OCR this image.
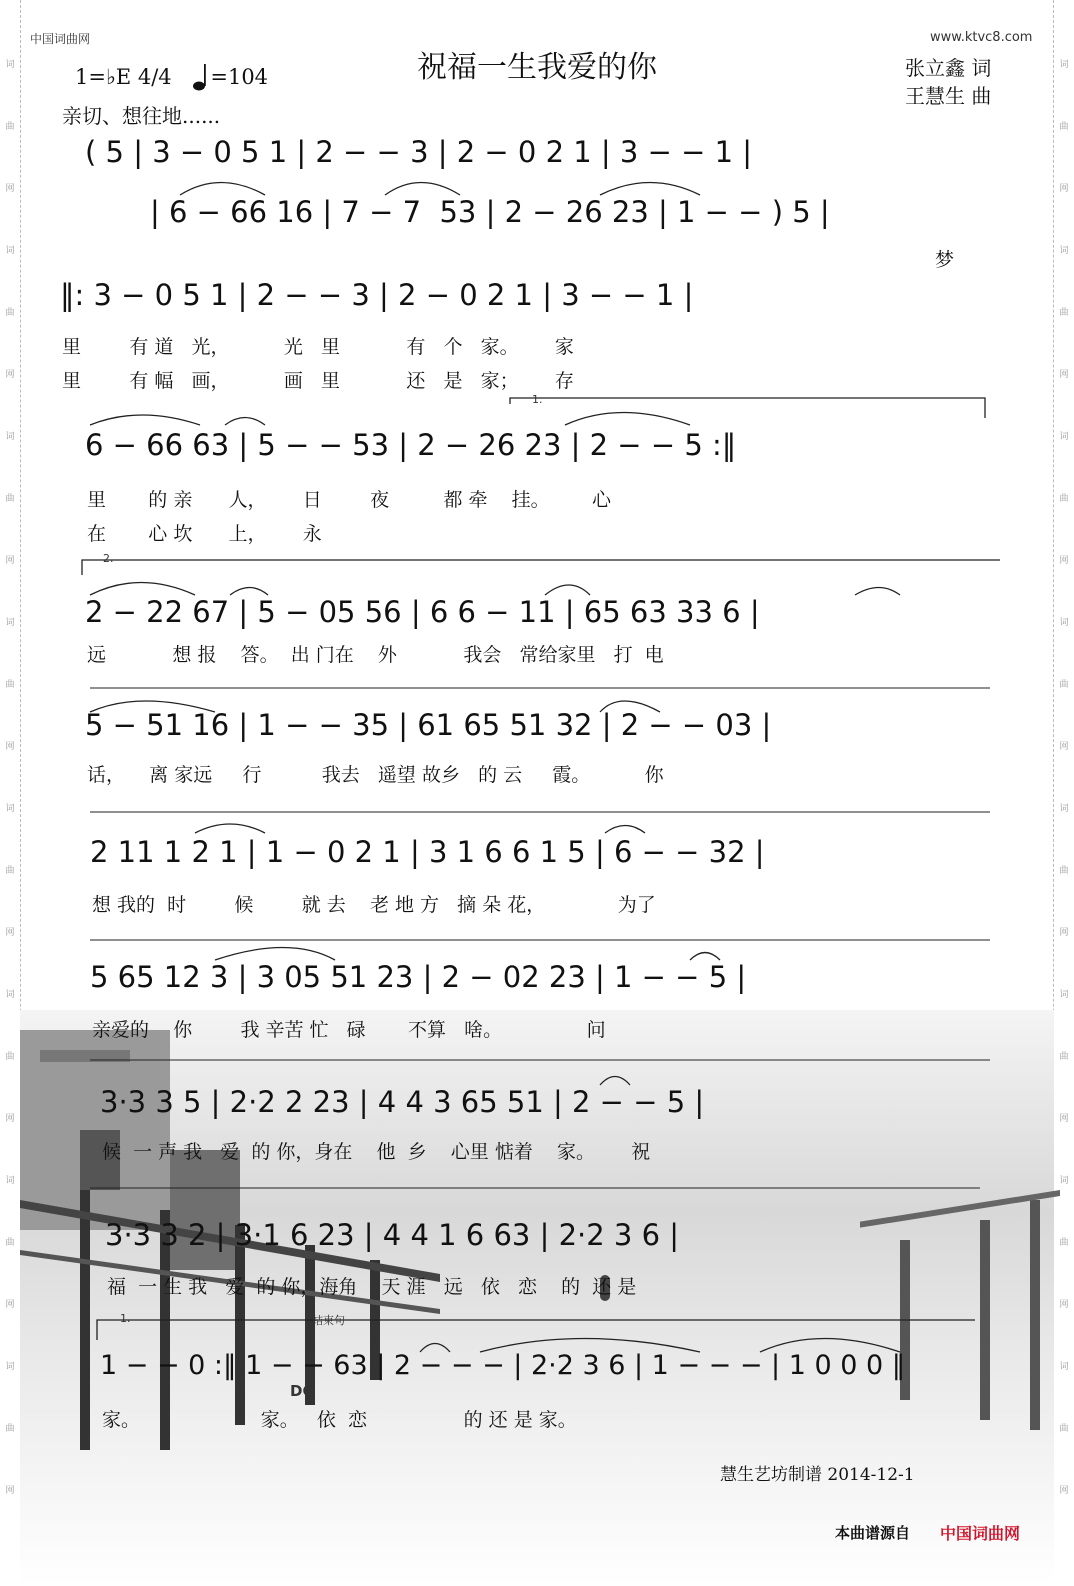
词
曲
网
词
曲
网
词
曲
网
词
曲
网
词
曲
网
词
曲
网
词
曲
网
词
曲
网
词
曲
网
词
曲
网
词
曲
网
词
曲
网
词
曲
网
词
曲
网
词
曲
网
词
曲
网
中国词曲网	www.ktvc8.com
祝福一生我爱的你
1=♭E 4/4 =104
亲切、想往地......
张立鑫 词
王慧生 曲
( 5 | 3 − 0 5 1 | 2 − − 3 | 2 − 0 2 1 | 3 − − 1 |
| 6 − 66 16 | 7 − 7  53 | 2 − 26 23 | 1 − − ) 5 |
梦
‖: 3 − 0 5 1 | 2 − − 3 | 2 − 0 2 1 | 3 − − 1 |
里        有 道   光，         光   里           有   个   家。      家
里        有 幅   画，         画   里           还   是   家；      存
6 − 66 63 | 5 − − 53 | 2 − 26 23 | 2 − − 5 :‖
里       的 亲      人，      日        夜         都 牵    挂。       心
在       心 坎      上，      永
2 − 22 67 | 5 − 05 56 | 6 6 − 11 | 65 63 33 6 |
远           想 报    答。  出 门在    外           我会   常给家里   打  电
5 − 51 16 | 1 − − 35 | 61 65 51 32 | 2 − − 03 |
话，    离 家远     行          我去   遥望 故乡   的 云     霞。         你
2 11 1 2 1 | 1 − 0 2 1 | 3 1 6 6 1 5 | 6 − − 32 |
想 我的  时        候        就 去    老 地 方   摘 朵 花，            为了
5 65 12 3 | 3 05 51 23 | 2 − 02 23 | 1 − − 5 |
亲爱的    你        我 辛苦 忙   碌       不算   啥。              问
3·3 3 5 | 2·2 2 23 | 4 4 3 65 51 | 2 − − 5 |
候  一 声 我   爱  的 你，身在    他  乡    心里 惦着    家。      祝
3·3 3 2 | 3·1 6 23 | 4 4 1 6 63 | 2·2 3 6 |
福  一 生 我   爱  的 你，海角    天 涯   远   依   恋    的  还 是
1 − − 0 :‖ 1 − − 63 | 2 − − − | 2·2 3 6 | 1 − − − | 1 0 0 0 ‖
家。                    家。   依  恋                的 还 是 家。
1.
2.
1.	结束句
DC
慧生艺坊制谱 2014-12-1
本曲谱源自 中国词曲网
